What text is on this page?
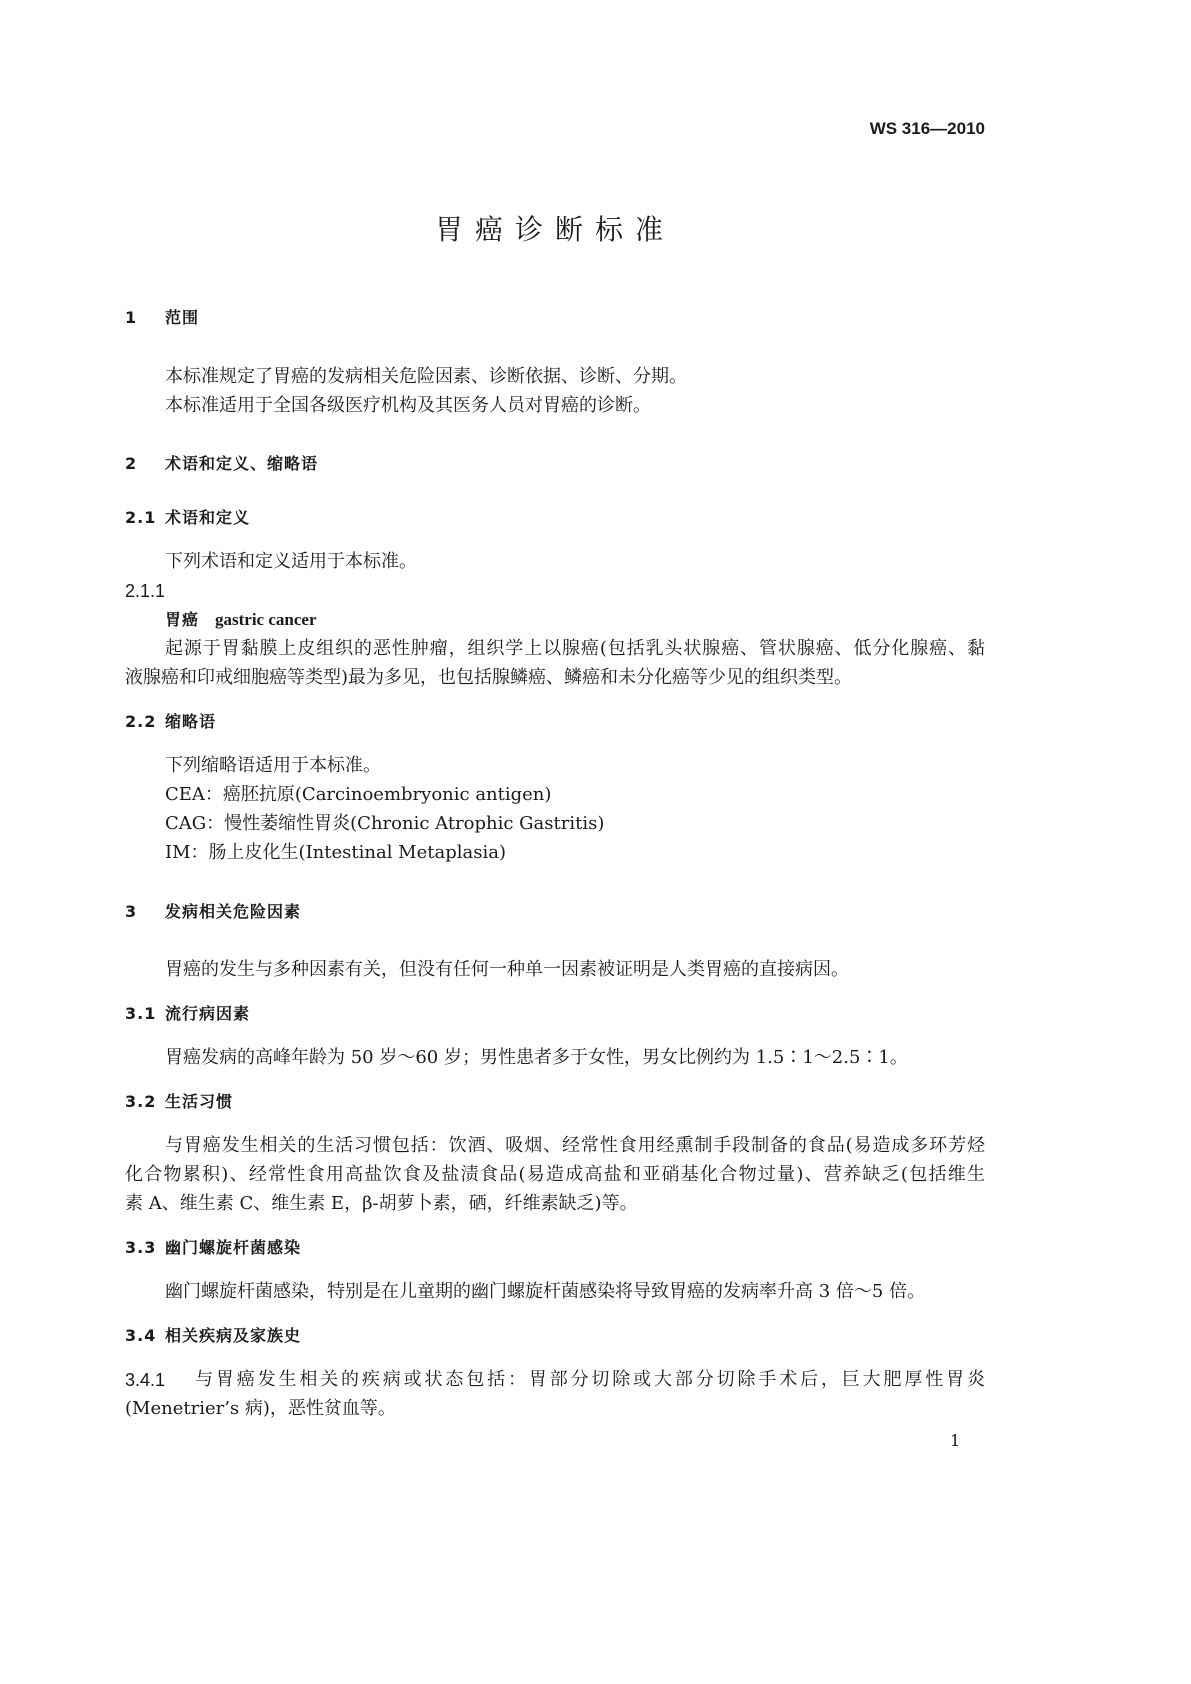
WS 316—2010
胃癌诊断标准
1 范围
本标准规定了胃癌的发病相关危险因素、诊断依据、诊断、分期。
本标准适用于全国各级医疗机构及其医务人员对胃癌的诊断。
2 术语和定义、缩略语
2.1 术语和定义
下列术语和定义适用于本标准。
2.1.1
胃癌 gastric cancer
起源于胃黏膜上皮组织的恶性肿瘤，组织学上以腺癌(包括乳头状腺癌、管状腺癌、低分化腺癌、黏
液腺癌和印戒细胞癌等类型)最为多见，也包括腺鳞癌、鳞癌和未分化癌等少见的组织类型。
2.2 缩略语
下列缩略语适用于本标准。
CEA：癌胚抗原(Carcinoembryonic antigen)
CAG：慢性萎缩性胃炎(Chronic Atrophic Gastritis)
IM：肠上皮化生(Intestinal Metaplasia)
3 发病相关危险因素
胃癌的发生与多种因素有关，但没有任何一种单一因素被证明是人类胃癌的直接病因。
3.1 流行病因素
胃癌发病的高峰年龄为 50 岁～60 岁；男性患者多于女性，男女比例约为 1.5∶1～2.5∶1。
3.2 生活习惯
与胃癌发生相关的生活习惯包括：饮酒、吸烟、经常性食用经熏制手段制备的食品(易造成多环芳烃
化合物累积)、经常性食用高盐饮食及盐渍食品(易造成高盐和亚硝基化合物过量)、营养缺乏(包括维生
素 A、维生素 C、维生素 E，β-胡萝卜素，硒，纤维素缺乏)等。
3.3 幽门螺旋杆菌感染
幽门螺旋杆菌感染，特别是在儿童期的幽门螺旋杆菌感染将导致胃癌的发病率升高 3 倍～5 倍。
3.4 相关疾病及家族史
3.4.1 与胃癌发生相关的疾病或状态包括：胃部分切除或大部分切除手术后，巨大肥厚性胃炎
(Menetrier’s 病)，恶性贫血等。
1
